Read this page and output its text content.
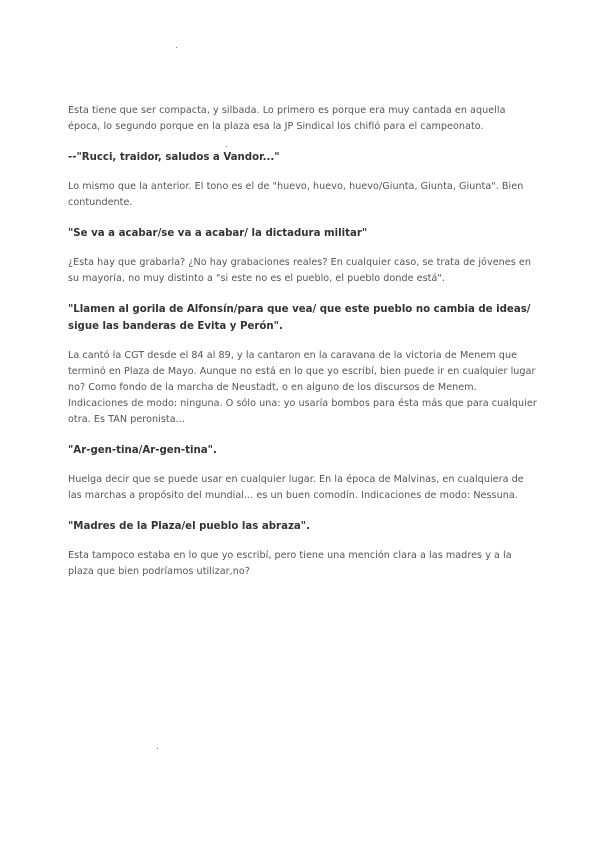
Esta tiene que ser compacta, y silbada. Lo primero es porque era muy cantada en aquella época, lo segundo porque en la plaza esa la JP Sindical los chifló para el campeonato.

--"Rucci, traidor, saludos a Vandor..."

Lo mismo que la anterior. El tono es el de "huevo, huevo, huevo/Giunta, Giunta, Giunta". Bien contundente.

"Se va a acabar/se va a acabar/ la dictadura militar"

¿Esta hay que grabarla? ¿No hay grabaciones reales? En cualquier caso, se trata de jóvenes en su mayoría, no muy distinto a "si este no es el pueblo, el pueblo donde está".

"Llamen al gorila de Alfonsín/para que vea/ que este pueblo no cambia de ideas/ sigue las banderas de Evita y Perón".

La cantó la CGT desde el 84 al 89, y la cantaron en la caravana de la victoria de Menem que terminó en Plaza de Mayo. Aunque no está en lo que yo escribí, bien puede ir en cualquier lugar no? Como fondo de la marcha de Neustadt, o en alguno de los discursos de Menem. Indicaciones de modo: ninguna. O sólo una: yo usaría bombos para ésta más que para cualquier otra. Es TAN peronista...

"Ar-gen-tina/Ar-gen-tina".

Huelga decir que se puede usar en cualquier lugar. En la época de Malvinas, en cualquiera de las marchas a propósito del mundial... es un buen comodín. Indicaciones de modo: Nessuna.

"Madres de la Plaza/el pueblo las abraza".

Esta tampoco estaba en lo que yo escribí, pero tiene una mención clara a las madres y a la plaza que bien podríamos utilizar,no?
